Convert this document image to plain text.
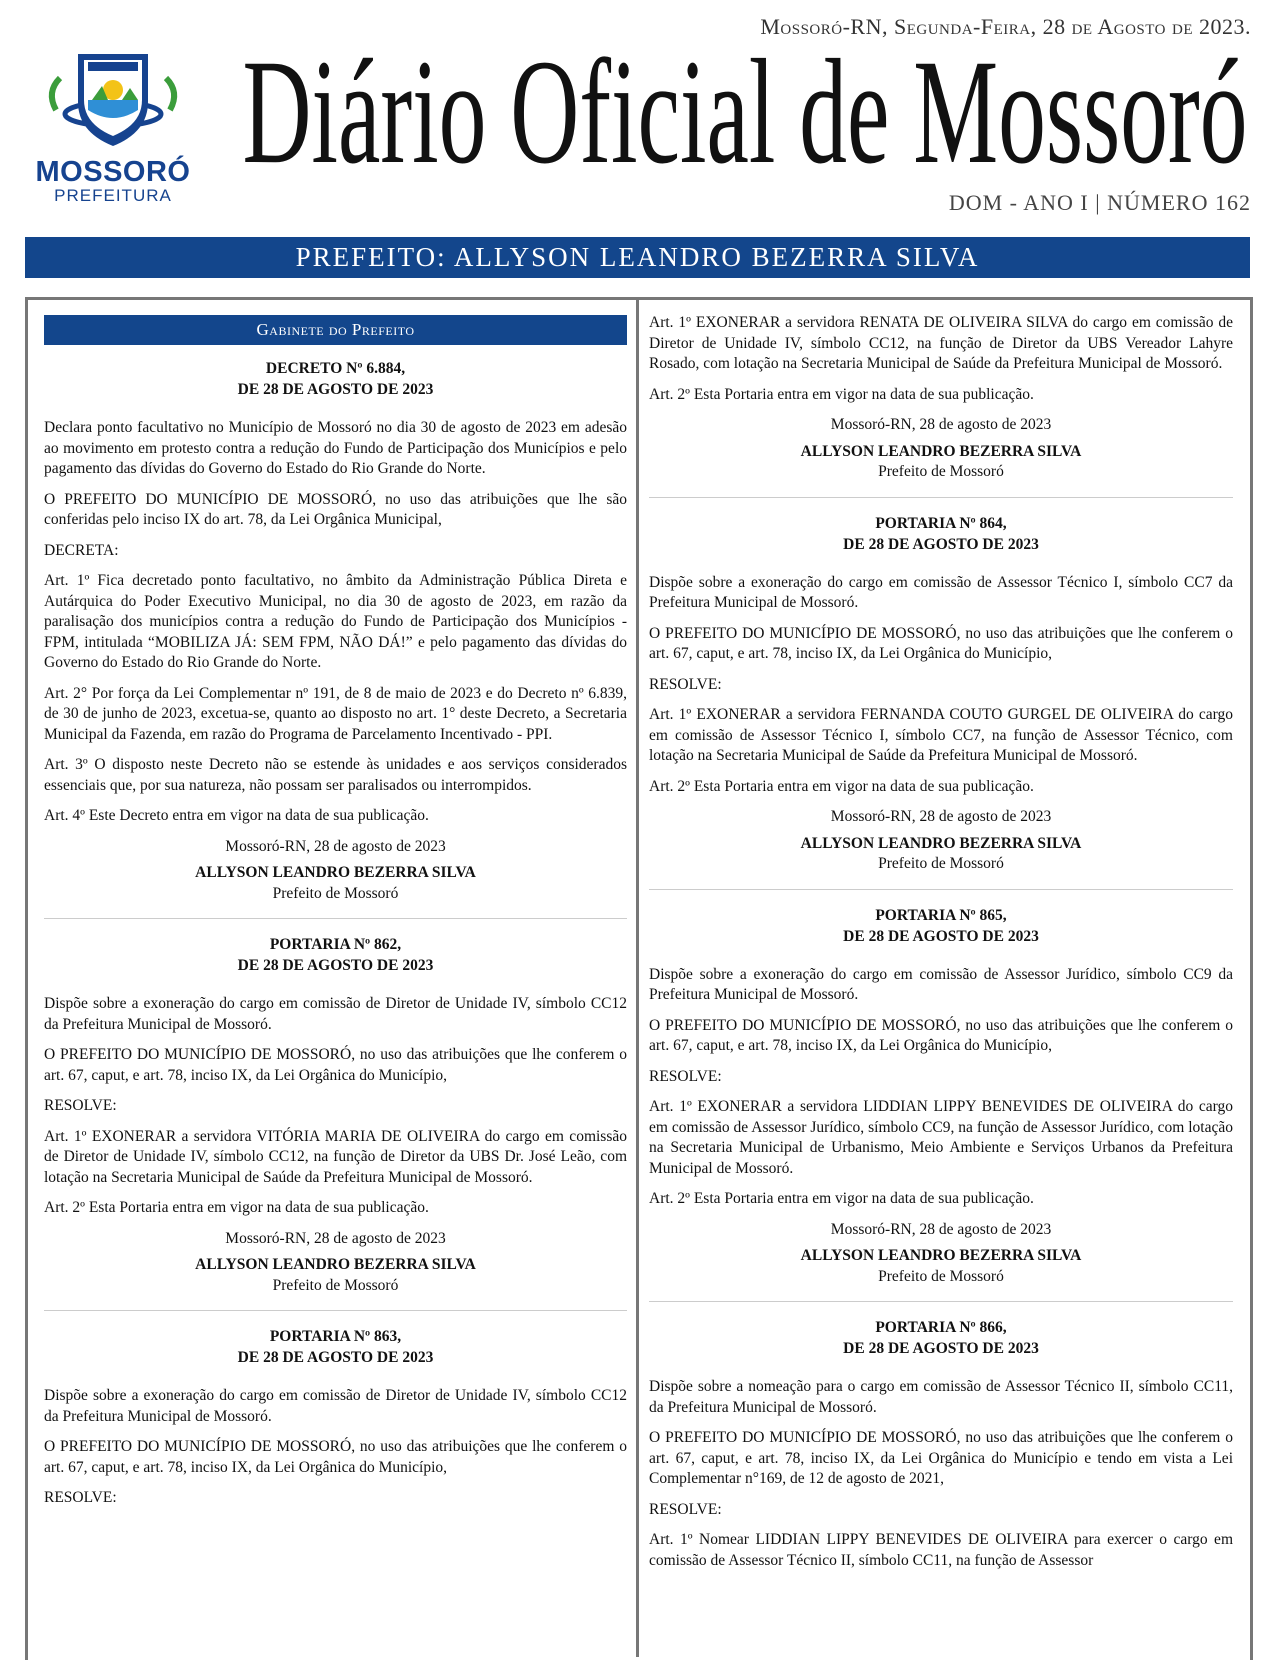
Mossoró-RN, Segunda-Feira, 28 de Agosto de 2023.
MOSSORÓ
PREFEITURA
Diário Oficial de Mossoró
DOM - ANO I | NÚMERO 162
PREFEITO: ALLYSON LEANDRO BEZERRA SILVA
Gabinete do Prefeito
DECRETO Nº 6.884,
DE 28 DE AGOSTO DE 2023

Declara ponto facultativo no Município de Mossoró no dia 30 de agosto de 2023 em adesão ao movimento em protesto contra a redução do Fundo de Participação dos Municípios e pelo pagamento das dívidas do Governo do Estado do Rio Grande do Norte.

O PREFEITO DO MUNICÍPIO DE MOSSORÓ, no uso das atribuições que lhe são conferidas pelo inciso IX do art. 78, da Lei Orgânica Municipal,

DECRETA:

Art. 1º Fica decretado ponto facultativo, no âmbito da Administração Pública Direta e Autárquica do Poder Executivo Municipal, no dia 30 de agosto de 2023, em razão da paralisação dos municípios contra a redução do Fundo de Participação dos Municípios - FPM, intitulada “MOBILIZA JÁ: SEM FPM, NÃO DÁ!” e pelo pagamento das dívidas do Governo do Estado do Rio Grande do Norte.

Art. 2° Por força da Lei Complementar nº 191, de 8 de maio de 2023 e do Decreto nº 6.839, de 30 de junho de 2023, excetua-se, quanto ao disposto no art. 1° deste Decreto, a Secretaria Municipal da Fazenda, em razão do Programa de Parcelamento Incentivado - PPI.

Art. 3º O disposto neste Decreto não se estende às unidades e aos serviços considerados essenciais que, por sua natureza, não possam ser paralisados ou interrompidos.

Art. 4º Este Decreto entra em vigor na data de sua publicação.

Mossoró-RN, 28 de agosto de 2023

ALLYSON LEANDRO BEZERRA SILVA

Prefeito de Mossoró

PORTARIA Nº 862,
DE 28 DE AGOSTO DE 2023

Dispõe sobre a exoneração do cargo em comissão de Diretor de Unidade IV, símbolo CC12 da Prefeitura Municipal de Mossoró.

O PREFEITO DO MUNICÍPIO DE MOSSORÓ, no uso das atribuições que lhe conferem o art. 67, caput, e art. 78, inciso IX, da Lei Orgânica do Município,

RESOLVE:

Art. 1º EXONERAR a servidora VITÓRIA MARIA DE OLIVEIRA do cargo em comissão de Diretor de Unidade IV, símbolo CC12, na função de Diretor da UBS Dr. José Leão, com lotação na Secretaria Municipal de Saúde da Prefeitura Municipal de Mossoró.

Art. 2º Esta Portaria entra em vigor na data de sua publicação.

Mossoró-RN, 28 de agosto de 2023

ALLYSON LEANDRO BEZERRA SILVA

Prefeito de Mossoró

PORTARIA Nº 863,
DE 28 DE AGOSTO DE 2023

Dispõe sobre a exoneração do cargo em comissão de Diretor de Unidade IV, símbolo CC12 da Prefeitura Municipal de Mossoró.

O PREFEITO DO MUNICÍPIO DE MOSSORÓ, no uso das atribuições que lhe conferem o art. 67, caput, e art. 78, inciso IX, da Lei Orgânica do Município,

RESOLVE:

Art. 1º EXONERAR a servidora RENATA DE OLIVEIRA SILVA do cargo em comissão de Diretor de Unidade IV, símbolo CC12, na função de Diretor da UBS Vereador Lahyre Rosado, com lotação na Secretaria Municipal de Saúde da Prefeitura Municipal de Mossoró.

Art. 2º Esta Portaria entra em vigor na data de sua publicação.

Mossoró-RN, 28 de agosto de 2023

ALLYSON LEANDRO BEZERRA SILVA

Prefeito de Mossoró

PORTARIA Nº 864,
DE 28 DE AGOSTO DE 2023

Dispõe sobre a exoneração do cargo em comissão de Assessor Técnico I, símbolo CC7 da Prefeitura Municipal de Mossoró.

O PREFEITO DO MUNICÍPIO DE MOSSORÓ, no uso das atribuições que lhe conferem o art. 67, caput, e art. 78, inciso IX, da Lei Orgânica do Município,

RESOLVE:

Art. 1º EXONERAR a servidora FERNANDA COUTO GURGEL DE OLIVEIRA do cargo em comissão de Assessor Técnico I, símbolo CC7, na função de Assessor Técnico, com lotação na Secretaria Municipal de Saúde da Prefeitura Municipal de Mossoró.

Art. 2º Esta Portaria entra em vigor na data de sua publicação.

Mossoró-RN, 28 de agosto de 2023

ALLYSON LEANDRO BEZERRA SILVA

Prefeito de Mossoró

PORTARIA Nº 865,
DE 28 DE AGOSTO DE 2023

Dispõe sobre a exoneração do cargo em comissão de Assessor Jurídico, símbolo CC9 da Prefeitura Municipal de Mossoró.

O PREFEITO DO MUNICÍPIO DE MOSSORÓ, no uso das atribuições que lhe conferem o art. 67, caput, e art. 78, inciso IX, da Lei Orgânica do Município,

RESOLVE:

Art. 1º EXONERAR a servidora LIDDIAN LIPPY BENEVIDES DE OLIVEIRA do cargo em comissão de Assessor Jurídico, símbolo CC9, na função de Assessor Jurídico, com lotação na Secretaria Municipal de Urbanismo, Meio Ambiente e Serviços Urbanos da Prefeitura Municipal de Mossoró.

Art. 2º Esta Portaria entra em vigor na data de sua publicação.

Mossoró-RN, 28 de agosto de 2023

ALLYSON LEANDRO BEZERRA SILVA

Prefeito de Mossoró

PORTARIA Nº 866,
DE 28 DE AGOSTO DE 2023

Dispõe sobre a nomeação para o cargo em comissão de Assessor Técnico II, símbolo CC11, da Prefeitura Municipal de Mossoró.

O PREFEITO DO MUNICÍPIO DE MOSSORÓ, no uso das atribuições que lhe conferem o art. 67, caput, e art. 78, inciso IX, da Lei Orgânica do Município e tendo em vista a Lei Complementar n°169, de 12 de agosto de 2021,

RESOLVE:

Art. 1º Nomear LIDDIAN LIPPY BENEVIDES DE OLIVEIRA para exercer o cargo em comissão de Assessor Técnico II, símbolo CC11, na função de Assessor
